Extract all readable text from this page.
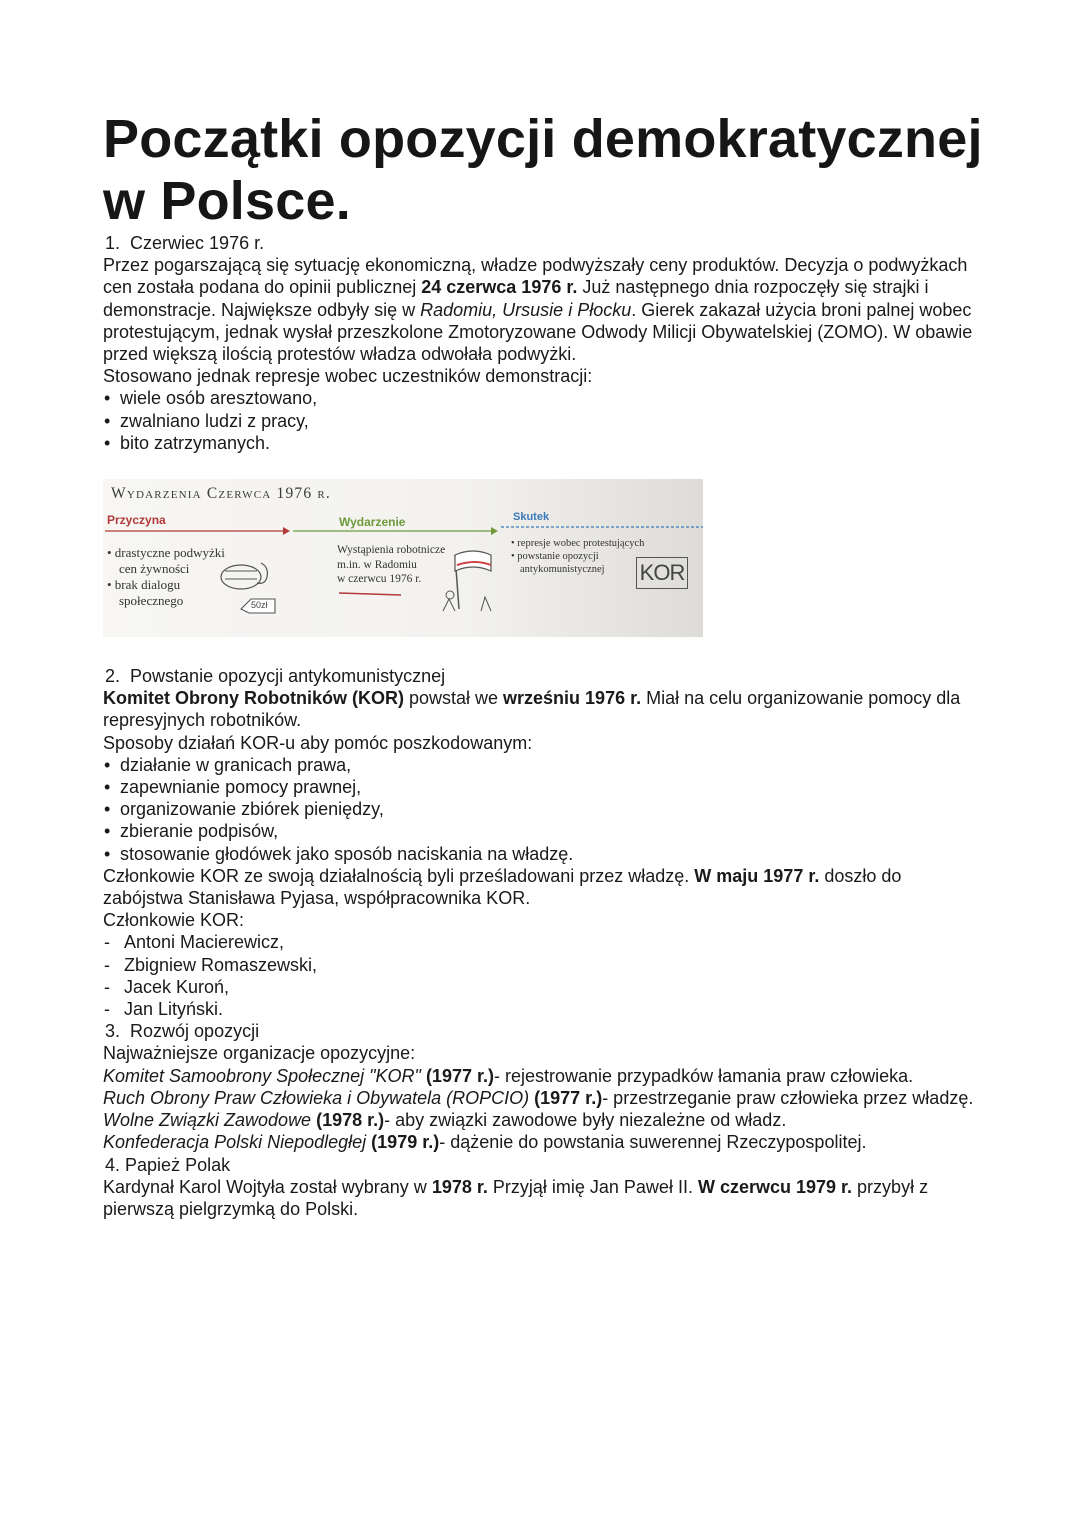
Początki opozycji demokratycznej w Polsce.

1. Czerwiec 1976 r.

Przez pogarszającą się sytuację ekonomiczną, władze podwyższały ceny produktów. Decyzja o podwyżkach cen została podana do opinii publicznej 24 czerwca 1976 r. Już następnego dnia rozpoczęły się strajki i demonstracje. Największe odbyły się w Radomiu, Ursusie i Płocku. Gierek zakazał użycia broni palnej wobec protestującym, jednak wysłał przeszkolone Zmotoryzowane Odwody Milicji Obywatelskiej (ZOMO). W obawie przed większą ilością protestów władza odwołała podwyżki.

Stosowano jednak represje wobec uczestników demonstracji:

• wiele osób aresztowano,
• zwalniano ludzi z pracy,
• bito zatrzymanych.
Wydarzenia Czerwca 1976 r.
Przyczyna	Wydarzenie	Skutek
• drastyczne podwyżki
cen żywności
• brak dialogu
społecznego	50zł
Wystąpienia robotnicze
m.in. w Radomiu
w czerwcu 1976 r.
• represje wobec protestujących
• powstanie opozycji
antykomunistycznej	KOR

2. Powstanie opozycji antykomunistycznej

Komitet Obrony Robotników (KOR) powstał we wrześniu 1976 r. Miał na celu organizowanie pomocy dla represyjnych robotników.

Sposoby działań KOR-u aby pomóc poszkodowanym:

• działanie w granicach prawa,
• zapewnianie pomocy prawnej,
• organizowanie zbiórek pieniędzy,
• zbieranie podpisów,
• stosowanie głodówek jako sposób naciskania na władzę.

Członkowie KOR ze swoją działalnością byli prześladowani przez władzę. W maju 1977 r. doszło do zabójstwa Stanisława Pyjasa, współpracownika KOR.

Członkowie KOR:

- Antoni Macierewicz,
- Zbigniew Romaszewski,
- Jacek Kuroń,
- Jan Lityński.

3. Rozwój opozycji

Najważniejsze organizacje opozycyjne:

Komitet Samoobrony Społecznej "KOR" (1977 r.)- rejestrowanie przypadków łamania praw człowieka.

Ruch Obrony Praw Człowieka i Obywatela (ROPCIO) (1977 r.)- przestrzeganie praw człowieka przez władzę.

Wolne Związki Zawodowe (1978 r.)- aby związki zawodowe były niezależne od władz.

Konfederacja Polski Niepodległej (1979 r.)- dążenie do powstania suwerennej Rzeczypospolitej.

4. Papież Polak

Kardynał Karol Wojtyła został wybrany w 1978 r. Przyjął imię Jan Paweł II. W czerwcu 1979 r. przybył z pierwszą pielgrzymką do Polski.
